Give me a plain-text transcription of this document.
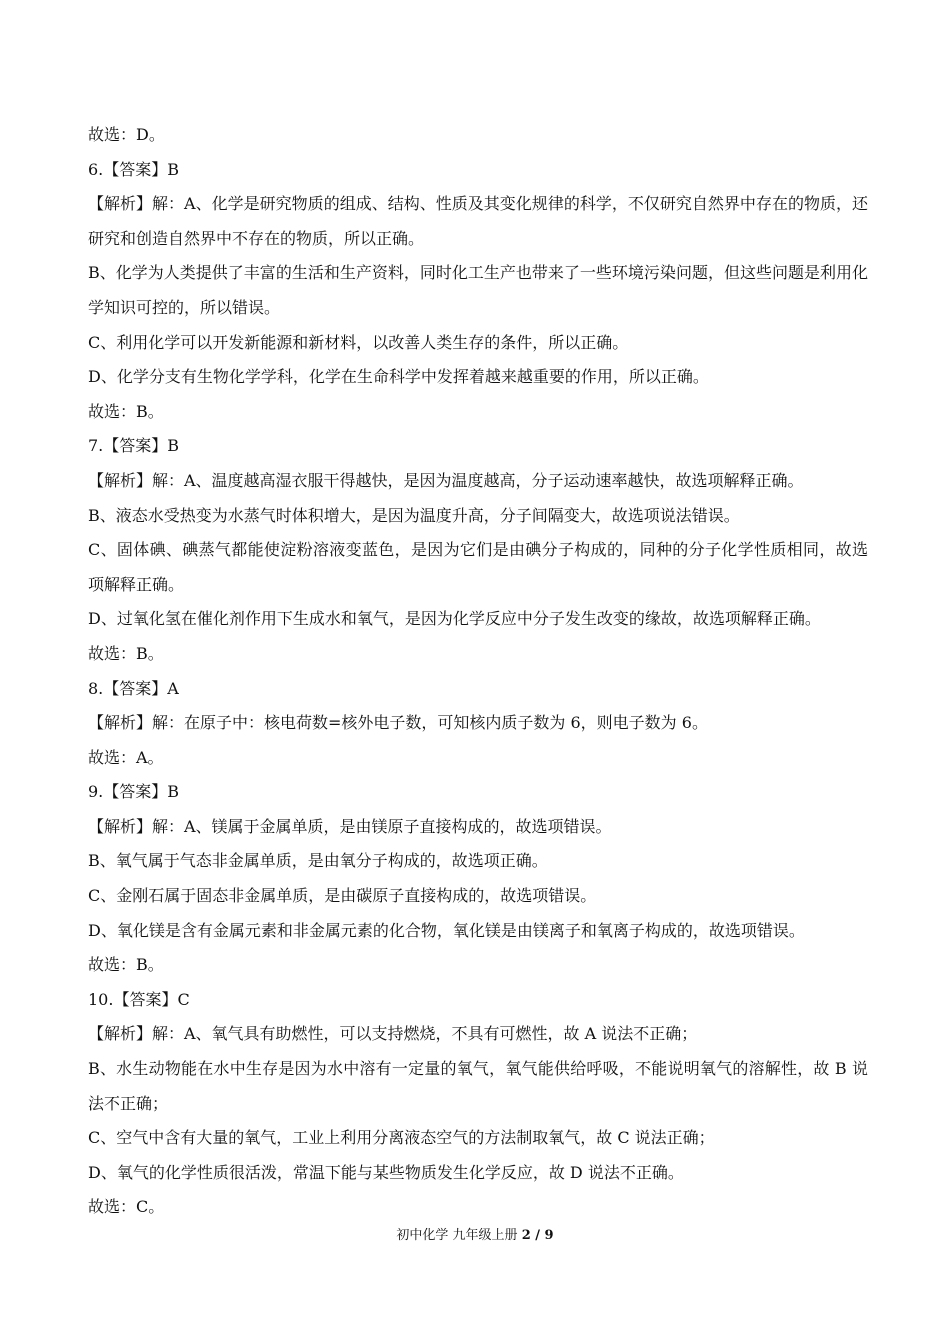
故选：D。
6.【答案】B
【解析】解：A、化学是研究物质的组成、结构、性质及其变化规律的科学，不仅研究自然界中存在的物质，还研究和创造自然界中不存在的物质，所以正确。
B、化学为人类提供了丰富的生活和生产资料，同时化工生产也带来了一些环境污染问题，但这些问题是利用化学知识可控的，所以错误。
C、利用化学可以开发新能源和新材料，以改善人类生存的条件，所以正确。
D、化学分支有生物化学学科，化学在生命科学中发挥着越来越重要的作用，所以正确。
故选：B。
7.【答案】B
【解析】解：A、温度越高湿衣服干得越快，是因为温度越高，分子运动速率越快，故选项解释正确。
B、液态水受热变为水蒸气时体积增大，是因为温度升高，分子间隔变大，故选项说法错误。
C、固体碘、碘蒸气都能使淀粉溶液变蓝色，是因为它们是由碘分子构成的，同种的分子化学性质相同，故选项解释正确。
D、过氧化氢在催化剂作用下生成水和氧气，是因为化学反应中分子发生改变的缘故，故选项解释正确。
故选：B。
8.【答案】A
【解析】解：在原子中：核电荷数=核外电子数，可知核内质子数为 6，则电子数为 6。
故选：A。
9.【答案】B
【解析】解：A、镁属于金属单质，是由镁原子直接构成的，故选项错误。
B、氧气属于气态非金属单质，是由氧分子构成的，故选项正确。
C、金刚石属于固态非金属单质，是由碳原子直接构成的，故选项错误。
D、氧化镁是含有金属元素和非金属元素的化合物，氧化镁是由镁离子和氧离子构成的，故选项错误。
故选：B。
10.【答案】C
【解析】解：A、氧气具有助燃性，可以支持燃烧，不具有可燃性，故 A 说法不正确；
B、水生动物能在水中生存是因为水中溶有一定量的氧气，氧气能供给呼吸，不能说明氧气的溶解性，故 B 说法不正确；
C、空气中含有大量的氧气，工业上利用分离液态空气的方法制取氧气，故 C 说法正确；
D、氧气的化学性质很活泼，常温下能与某些物质发生化学反应，故 D 说法不正确。
故选：C。
初中化学 九年级上册 2 / 9
